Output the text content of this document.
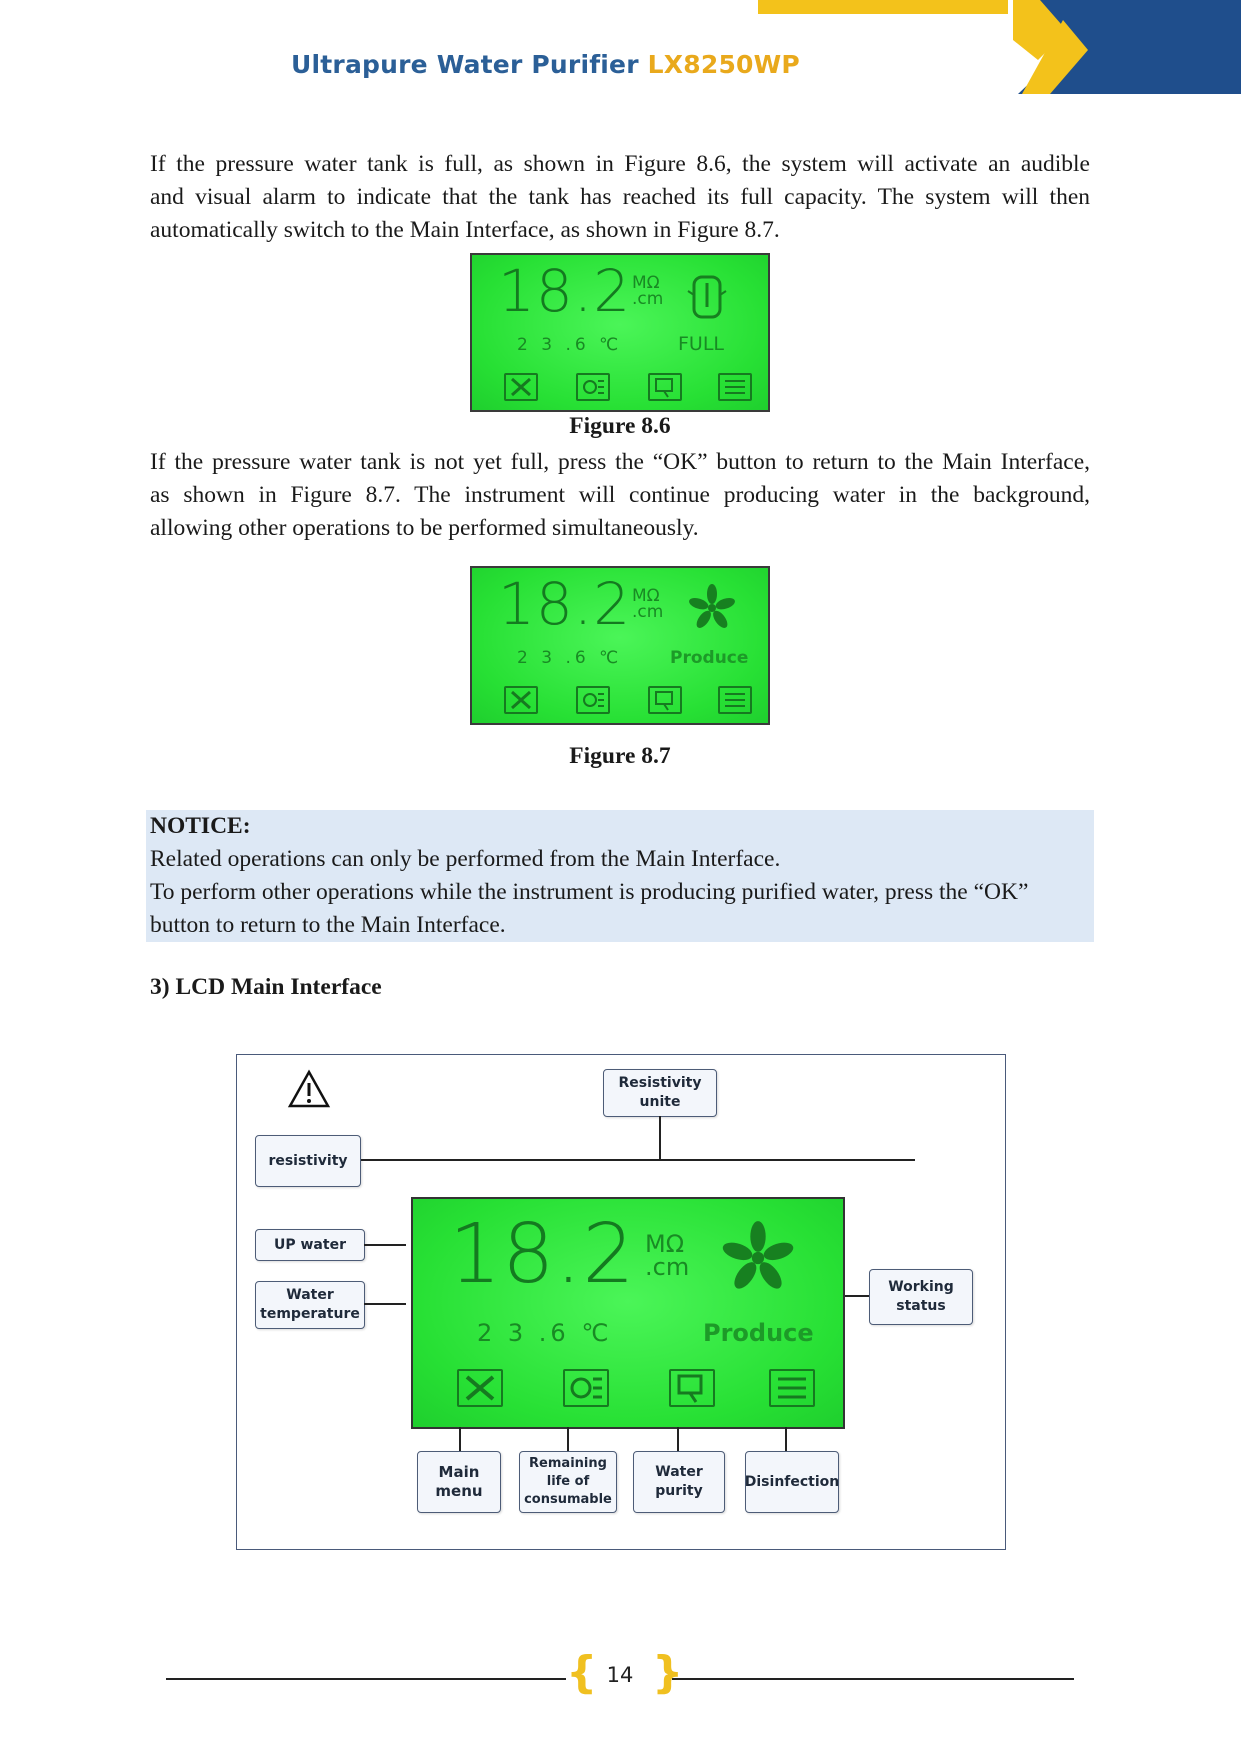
Ultrapure Water Purifier LX8250WP

If the pressure water tank is full, as shown in Figure 8.6, the system will activate an audible
and visual alarm to indicate that the tank has reached its full capacity. The system will then
automatically switch to the Main Interface, as shown in Figure 8.7.

18.2 MΩ
.cm
2 3 .6 ℃	FULL
Figure 8.6

If the pressure water tank is not yet full, press the “OK” button to return to the Main Interface,
as shown in Figure 8.7. The instrument will continue producing water in the background,
allowing other operations to be performed simultaneously.

18.2 MΩ
.cm
2 3 .6 ℃	Produce
Figure 8.7
NOTICE:
Related operations can only be performed from the Main Interface.
To perform other operations while the instrument is producing purified water, press the “OK”
button to return to the Main Interface.
3) LCD Main Interface
Resistivity
unite
resistivity
UP water
Water
temperature
Working
status
18.2 MΩ
.cm
2 3 .6 ℃	Produce
Main
menu
Remaining
life of
consumable
Water purity
Disinfection
{ }
14
